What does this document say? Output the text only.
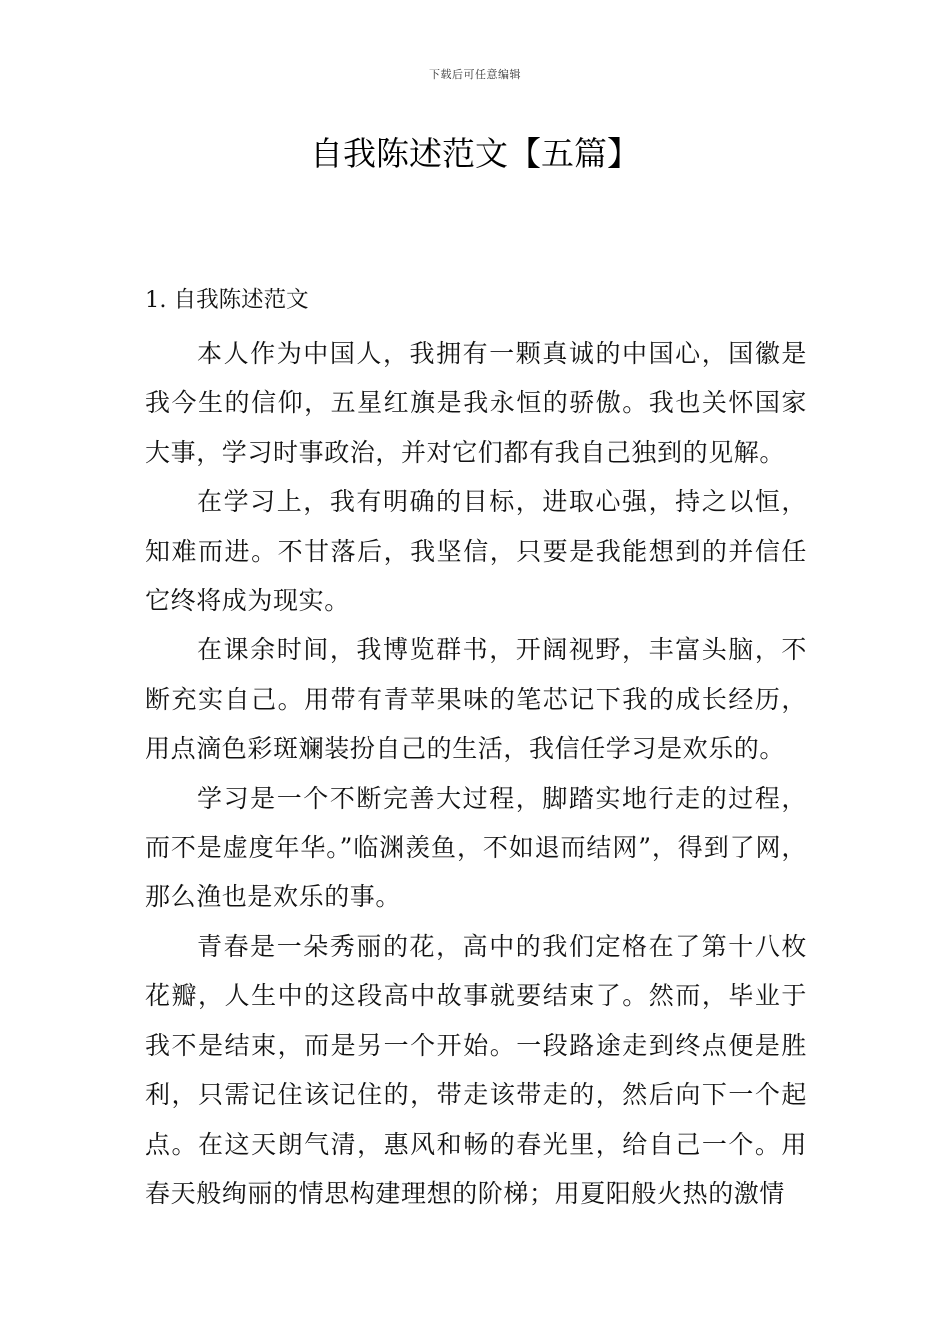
下载后可任意编辑
自我陈述范文【五篇】
1. 自我陈述范文

本人作为中国人，我拥有一颗真诚的中国心，国徽是我今生的信仰，五星红旗是我永恒的骄傲。我也关怀国家大事，学习时事政治，并对它们都有我自己独到的见解。

在学习上，我有明确的目标，进取心强，持之以恒，知难而进。不甘落后，我坚信，只要是我能想到的并信任它终将成为现实。

在课余时间，我博览群书，开阔视野，丰富头脑，不断充实自己。用带有青苹果味的笔芯记下我的成长经历，用点滴色彩斑斓装扮自己的生活，我信任学习是欢乐的。

学习是一个不断完善大过程，脚踏实地行走的过程，而不是虚度年华。”临渊羡鱼，不如退而结网”，得到了网，那么渔也是欢乐的事。

青春是一朵秀丽的花，高中的我们定格在了第十八枚花瓣，人生中的这段高中故事就要结束了。然而，毕业于我不是结束，而是另一个开始。一段路途走到终点便是胜利，只需记住该记住的，带走该带走的，然后向下一个起点。在这天朗气清，惠风和畅的春光里，给自己一个。用春天般绚丽的情思构建理想的阶梯；用夏阳般火热的激情
